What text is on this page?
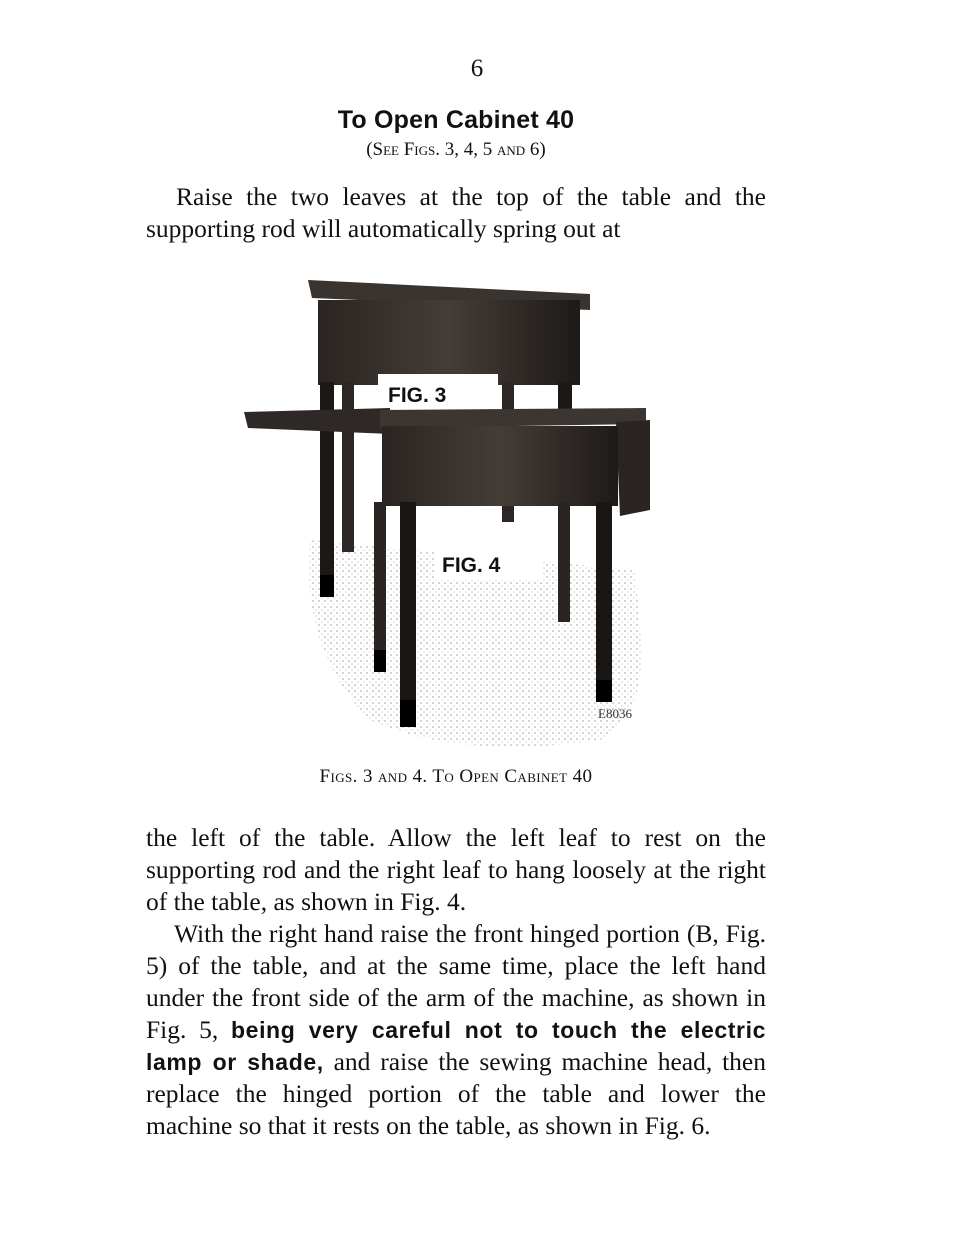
6
To Open Cabinet 40
(See Figs. 3, 4, 5 and 6)

Raise the two leaves at the top of the table and the supporting rod will automatically spring out at

FIG. 3
FIG. 4
E8036
Figs. 3 and 4. To Open Cabinet 40

the left of the table. Allow the left leaf to rest on the supporting rod and the right leaf to hang loosely at the right of the table, as shown in Fig. 4.

With the right hand raise the front hinged portion (B, Fig. 5) of the table, and at the same time, place the left hand under the front side of the arm of the machine, as shown in Fig. 5, being very careful not to touch the electric lamp or shade, and raise the sewing machine head, then replace the hinged portion of the table and lower the machine so that it rests on the table, as shown in Fig. 6.
